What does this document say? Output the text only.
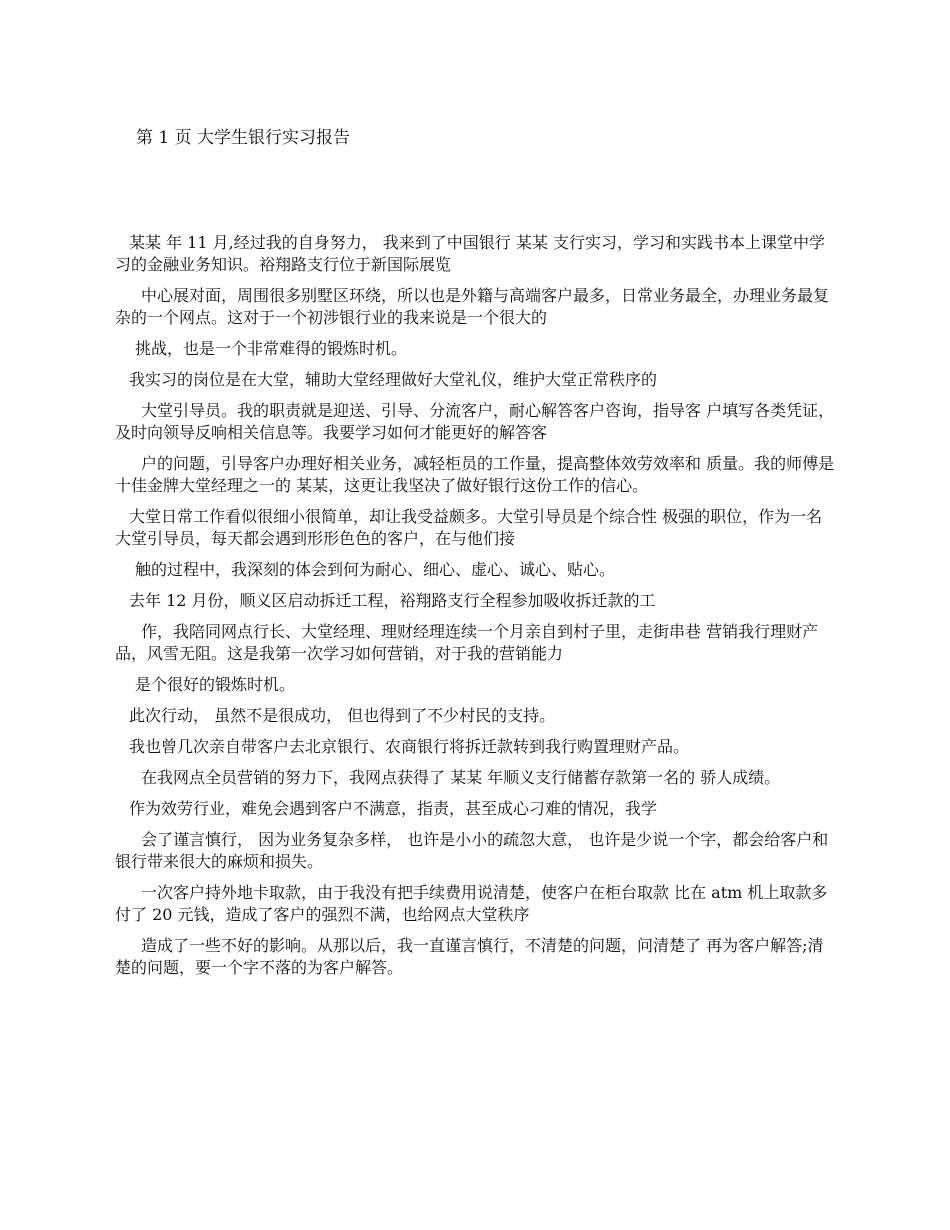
第 1 页 大学生银行实习报告

某某 年 11 月,经过我的自身努力， 我来到了中国银行 某某 支行实习，学习和实践书本上课堂中学习的金融业务知识。裕翔路支行位于新国际展览

中心展对面，周围很多别墅区环绕，所以也是外籍与高端客户最多，日常业务最全，办理业务最复杂的一个网点。这对于一个初涉银行业的我来说是一个很大的

挑战，也是一个非常难得的锻炼时机。

我实习的岗位是在大堂，辅助大堂经理做好大堂礼仪，维护大堂正常秩序的

大堂引导员。我的职责就是迎送、引导、分流客户，耐心解答客户咨询，指导客 户填写各类凭证，及时向领导反响相关信息等。我要学习如何才能更好的解答客

户的问题，引导客户办理好相关业务，减轻柜员的工作量，提高整体效劳效率和 质量。我的师傅是十佳金牌大堂经理之一的 某某，这更让我坚决了做好银行这份工作的信心。

大堂日常工作看似很细小很简单，却让我受益颇多。大堂引导员是个综合性 极强的职位，作为一名大堂引导员，每天都会遇到形形色色的客户，在与他们接

触的过程中，我深刻的体会到何为耐心、细心、虚心、诚心、贴心。

去年 12 月份，顺义区启动拆迁工程，裕翔路支行全程参加吸收拆迁款的工

作，我陪同网点行长、大堂经理、理财经理连续一个月亲自到村子里，走街串巷 营销我行理财产品，风雪无阻。这是我第一次学习如何营销，对于我的营销能力

是个很好的锻炼时机。

此次行动， 虽然不是很成功， 但也得到了不少村民的支持。

我也曾几次亲自带客户去北京银行、农商银行将拆迁款转到我行购置理财产品。

在我网点全员营销的努力下，我网点获得了 某某 年顺义支行储蓄存款第一名的 骄人成绩。

作为效劳行业，难免会遇到客户不满意，指责，甚至成心刁难的情况，我学

会了谨言慎行， 因为业务复杂多样， 也许是小小的疏忽大意， 也许是少说一个字，都会给客户和银行带来很大的麻烦和损失。

一次客户持外地卡取款，由于我没有把手续费用说清楚，使客户在柜台取款 比在 atm 机上取款多付了 20 元钱，造成了客户的强烈不满，也给网点大堂秩序

造成了一些不好的影响。从那以后，我一直谨言慎行，不清楚的问题，问清楚了 再为客户解答;清楚的问题，要一个字不落的为客户解答。
